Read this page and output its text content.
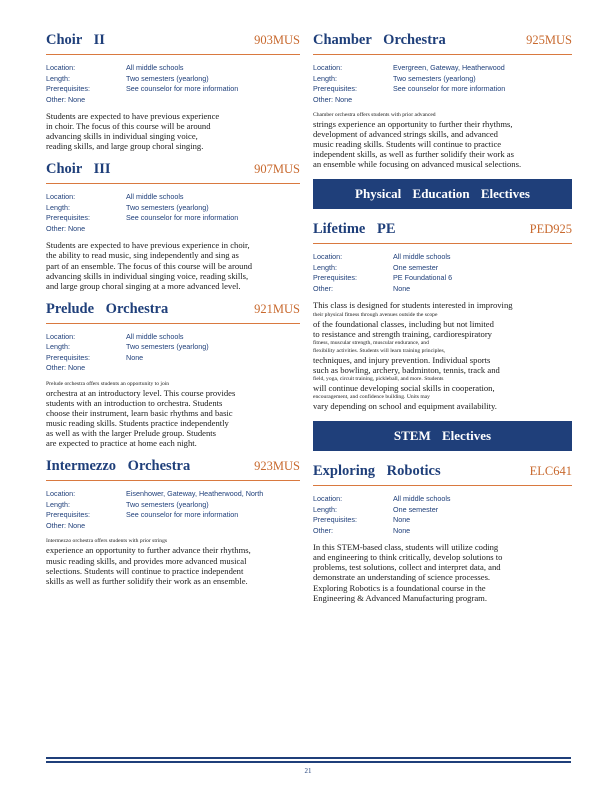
Choir II	903MUS
Location:	All middle schools
Length:	Two semesters (yearlong)
Prerequisites:	See counselor for more information
Other: None
Students are expected to have previous experience
in choir. The focus of this course will be around
advancing skills in individual singing voice,
reading skills, and large group choral singing.
Choir III	907MUS
Location:	All middle schools
Length:	Two semesters (yearlong)
Prerequisites:	See counselor for more information
Other: None
Students are expected to have previous experience in choir,
the ability to read music, sing independently and sing as
part of an ensemble. The focus of this course will be around
advancing skills in individual singing voice, reading skills,
and large group choral singing at a more advanced level.
Prelude Orchestra	921MUS
Location:	All middle schools
Length:	Two semesters (yearlong)
Prerequisites:	None
Other: None
Prelude orchestra offers students an opportunity to join
orchestra at an introductory level. This course provides
students with an introduction to orchestra. Students
choose their instrument, learn basic rhythms and basic
music reading skills. Students practice independently
as well as with the larger Prelude group. Students
are expected to practice at home each night.
Intermezzo Orchestra	923MUS
Location:	Eisenhower, Gateway, Heatherwood, North
Length:	Two semesters (yearlong)
Prerequisites:	See counselor for more information
Other: None
Intermezzo orchestra offers students with prior strings
experience an opportunity to further advance their rhythms,
music reading skills, and provides more advanced musical
selections. Students will continue to practice independent
skills as well as further solidify their work as an ensemble.
Chamber Orchestra	925MUS
Location:	Evergreen, Gateway, Heatherwood
Length:	Two semesters (yearlong)
Prerequisites:	See counselor for more information
Other: None
Chamber orchestra offers students with prior advanced
strings experience an opportunity to further their rhythms,
development of advanced strings skills, and advanced
music reading skills. Students will continue to practice
independent skills, as well as further solidify their work as
an ensemble while focusing on advanced musical selections.
Physical Education Electives
Lifetime PE	PED925
Location:	All middle schools
Length:	One semester
Prerequisites:	PE Foundational 6
Other:	None
This class is designed for students interested in improving
their physical fitness through avenues outside the scope
of the foundational classes, including but not limited
to resistance and strength training, cardiorespiratory
fitness, muscular strength, muscular endurance, and
flexibility activities. Students will learn training principles,
techniques, and injury prevention. Individual sports
such as bowling, archery, badminton, tennis, track and
field, yoga, circuit training, pickleball, and more. Students
will continue developing social skills in cooperation,
encouragement, and confidence building. Units may
vary depending on school and equipment availability.
STEM Electives
Exploring Robotics	ELC641
Location:	All middle schools
Length:	One semester
Prerequisites:	None
Other:	None
In this STEM-based class, students will utilize coding
and engineering to think critically, develop solutions to
problems, test solutions, collect and interpret data, and
demonstrate an understanding of science processes.
Exploring Robotics is a foundational course in the
Engineering & Advanced Manufacturing program.
21
